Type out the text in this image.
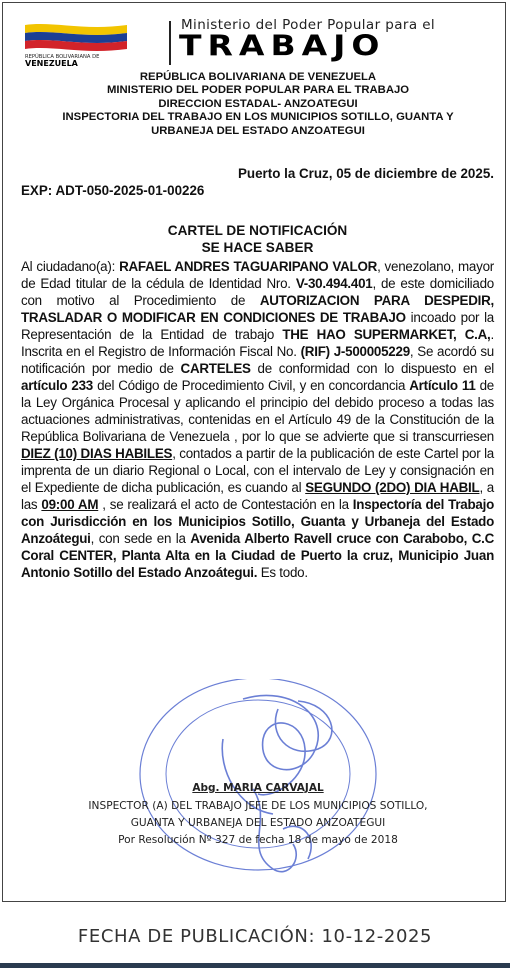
REPÚBLICA BOLIVARIANA DE
VENEZUELA
Ministerio del Poder Popular para el
TRABAJO
REPÚBLICA BOLIVARIANA DE VENEZUELA
MINISTERIO DEL PODER POPULAR PARA EL TRABAJO
DIRECCION ESTADAL- ANZOATEGUI
INSPECTORIA DEL TRABAJO EN LOS MUNICIPIOS SOTILLO, GUANTA Y
URBANEJA DEL ESTADO ANZOATEGUI
Puerto la Cruz, 05 de diciembre de 2025.
EXP: ADT-050-2025-01-00226
CARTEL DE NOTIFICACIÓN
SE HACE SABER
Al ciudadano(a): RAFAEL ANDRES TAGUARIPANO VALOR, venezolano, mayor de Edad titular de la cédula de Identidad Nro. V-30.494.401, de este domiciliado con motivo al Procedimiento de AUTORIZACION PARA DESPEDIR, TRASLADAR O MODIFICAR EN CONDICIONES DE TRABAJO incoado por la Representación de la Entidad de trabajo THE HAO SUPERMARKET, C.A,. Inscrita en el Registro de Información Fiscal No. (RIF) J-500005229, Se acordó su notificación por medio de CARTELES de conformidad con lo dispuesto en el artículo 233 del Código de Procedimiento Civil, y en concordancia Artículo 11 de la Ley Orgánica Procesal y aplicando el principio del debido proceso a todas las actuaciones administrativas, contenidas en el Artículo 49 de la Constitución de la República Bolivariana de Venezuela , por lo que se advierte que si transcurriesen DIEZ (10) DIAS HABILES, contados a partir de la publicación de este Cartel por la imprenta de un diario Regional o Local, con el intervalo de Ley y consignación en el Expediente de dicha publicación, es cuando al SEGUNDO (2DO) DIA HABIL, a las 09:00 AM , se realizará el acto de Contestación en la Inspectoría del Trabajo con Jurisdicción en los Municipios Sotillo, Guanta y Urbaneja del Estado Anzoátegui, con sede en la Avenida Alberto Ravell cruce con Carabobo, C.C Coral CENTER, Planta Alta en la Ciudad de Puerto la cruz, Municipio Juan Antonio Sotillo del Estado Anzoátegui. Es todo.
Abg. MARIA CARVAJAL
INSPECTOR (A) DEL TRABAJO JEFE DE LOS MUNICIPIOS SOTILLO,
GUANTA Y URBANEJA DEL ESTADO ANZOATEGUI
Por Resolución Nº 327 de fecha 18 de mayo de 2018
FECHA DE PUBLICACIÓN: 10-12-2025
